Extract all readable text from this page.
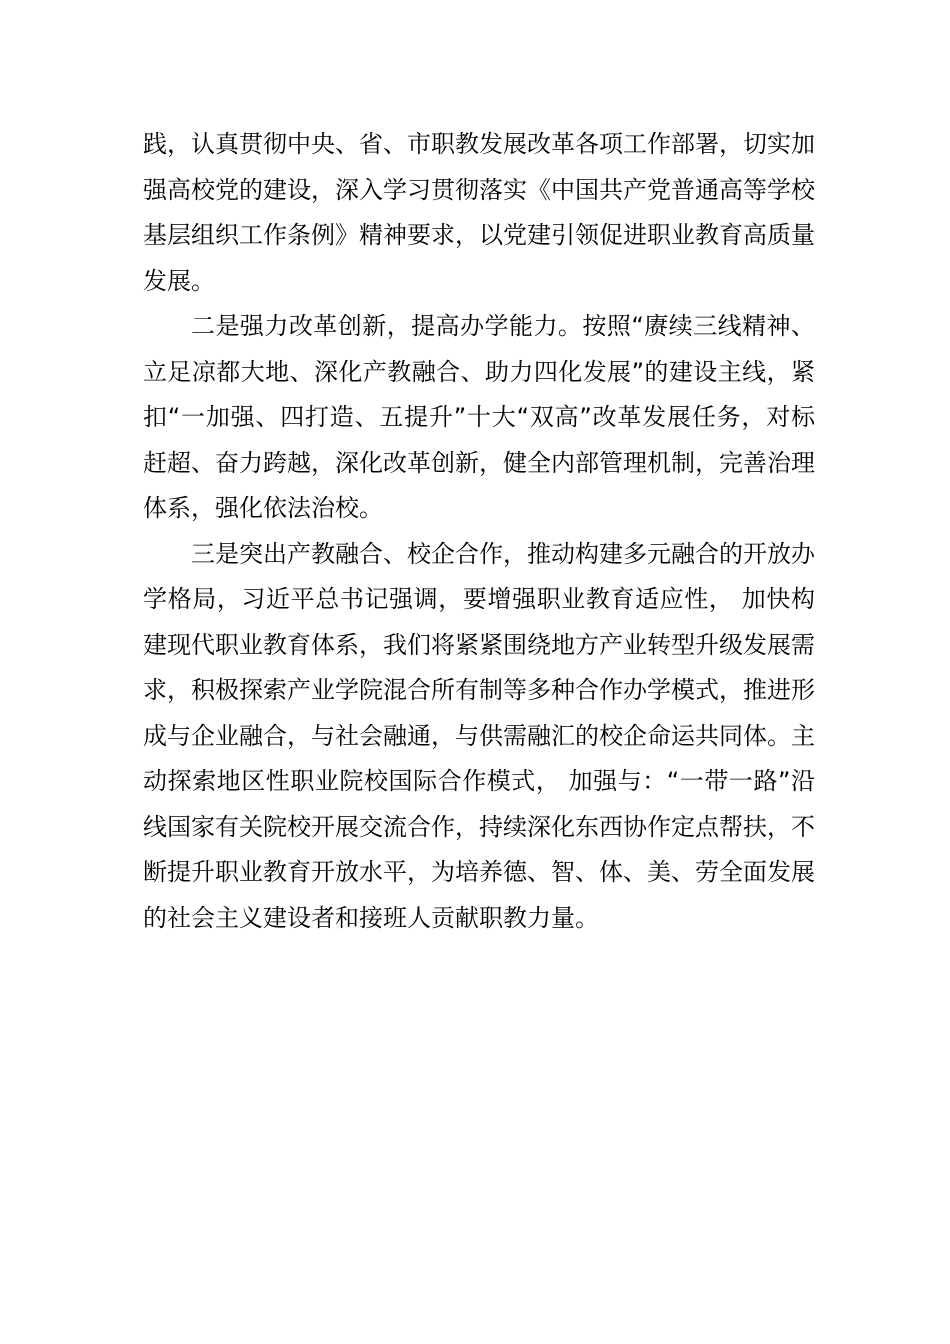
践，认真贯彻中央、省、市职教发展改革各项工作部署，切实加强高校党的建设，深入学习贯彻落实《中国共产党普通高等学校基层组织工作条例》精神要求，以党建引领促进职业教育高质量发展。

二是强力改革创新，提高办学能力。按照“赓续三线精神、立足凉都大地、深化产教融合、助力四化发展”的建设主线，紧扣“一加强、四打造、五提升”十大“双高”改革发展任务，对标赶超、奋力跨越，深化改革创新，健全内部管理机制，完善治理体系，强化依法治校。

三是突出产教融合、校企合作，推动构建多元融合的开放办学格局，习近平总书记强调，要增强职业教育适应性， 加快构建现代职业教育体系，我们将紧紧围绕地方产业转型升级发展需求，积极探索产业学院混合所有制等多种合作办学模式，推进形成与企业融合，与社会融通，与供需融汇的校企命运共同体。主动探索地区性职业院校国际合作模式， 加强与：“一带一路”沿线国家有关院校开展交流合作，持续深化东西协作定点帮扶，不断提升职业教育开放水平，为培养德、智、体、美、劳全面发展的社会主义建设者和接班人贡献职教力量。
